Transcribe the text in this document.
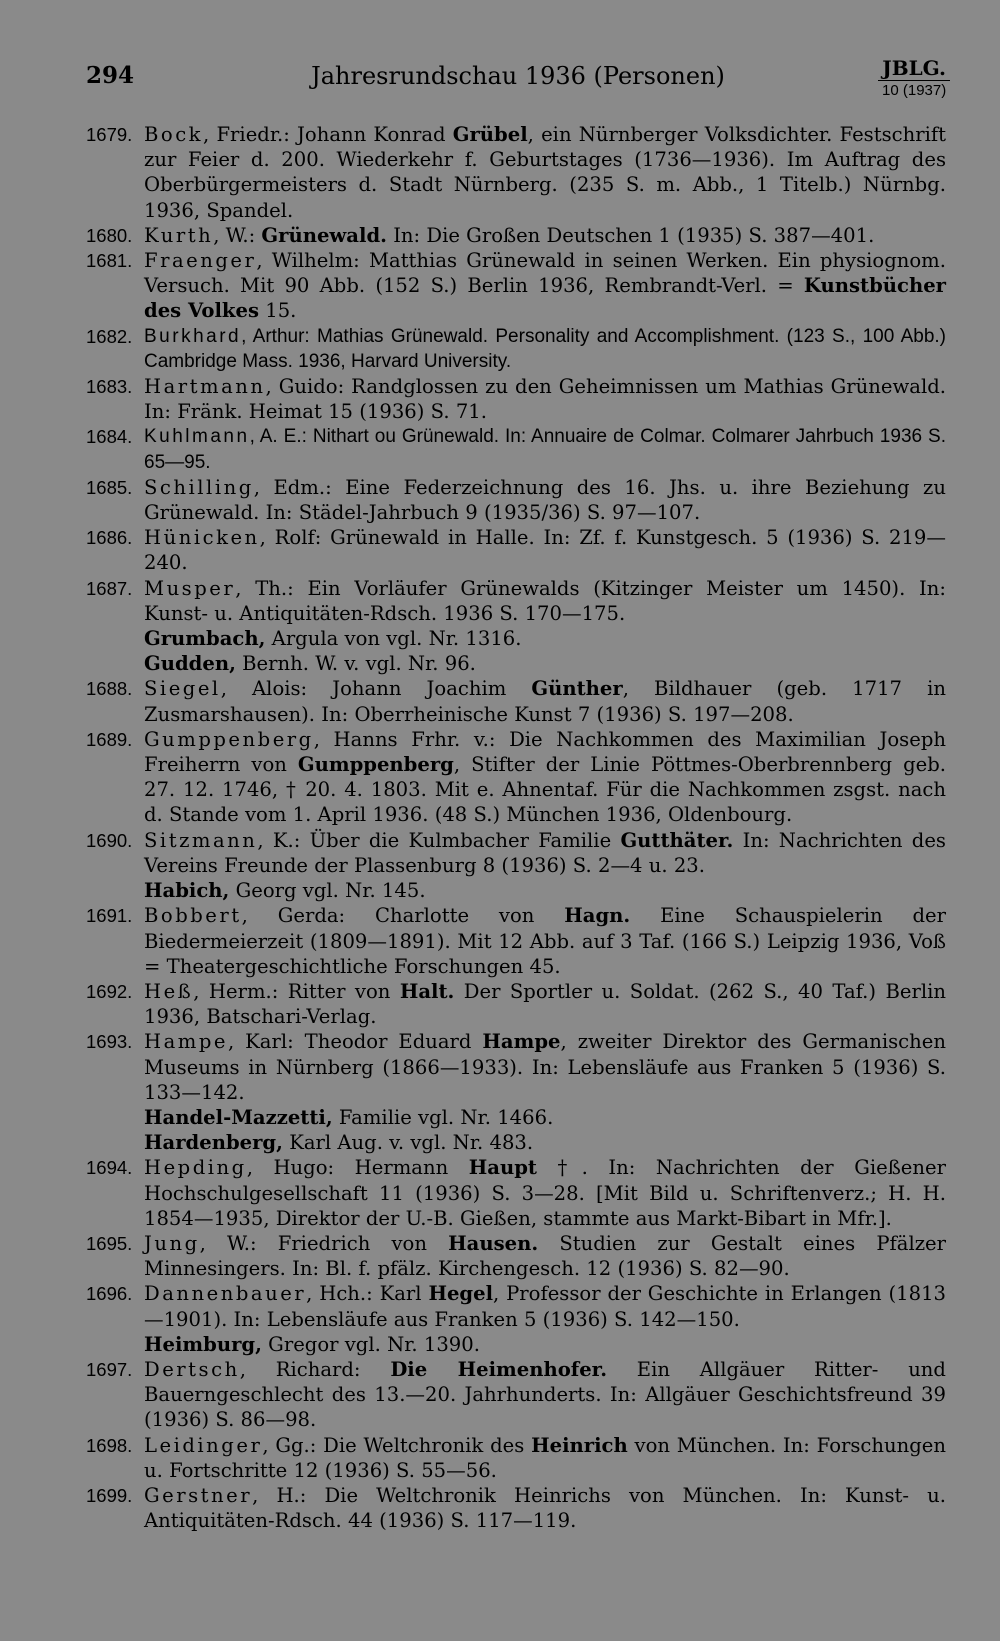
294	Jahresrundschau 1936 (Personen)	JBLG.
10 (1937)
1679. Bock, Friedr.: Johann Konrad Grübel, ein Nürnberger Volksdichter. Festschrift zur Feier d. 200. Wiederkehr f. Geburtstages (1736—1936). Im Auftrag des Oberbürgermeisters d. Stadt Nürnberg. (235 S. m. Abb., 1 Titelb.) Nürnbg. 1936, Spandel.
1680. Kurth, W.: Grünewald. In: Die Großen Deutschen 1 (1935) S. 387—401.
1681. Fraenger, Wilhelm: Matthias Grünewald in seinen Werken. Ein physiognom. Versuch. Mit 90 Abb. (152 S.) Berlin 1936, Rembrandt-Verl. = Kunstbücher des Volkes 15.
1682. Burkhard, Arthur: Mathias Grünewald. Personality and Accomplishment. (123 S., 100 Abb.) Cambridge Mass. 1936, Harvard University.
1683. Hartmann, Guido: Randglossen zu den Geheimnissen um Mathias Grünewald. In: Fränk. Heimat 15 (1936) S. 71.
1684. Kuhlmann, A. E.: Nithart ou Grünewald. In: Annuaire de Colmar. Colmarer Jahrbuch 1936 S. 65—95.
1685. Schilling, Edm.: Eine Federzeichnung des 16. Jhs. u. ihre Beziehung zu Grünewald. In: Städel-Jahrbuch 9 (1935/36) S. 97—107.
1686. Hünicken, Rolf: Grünewald in Halle. In: Zf. f. Kunstgesch. 5 (1936) S. 219—240.
1687. Musper, Th.: Ein Vorläufer Grünewalds (Kitzinger Meister um 1450). In: Kunst- u. Antiquitäten-Rdsch. 1936 S. 170—175.
Grumbach, Argula von vgl. Nr. 1316.
Gudden, Bernh. W. v. vgl. Nr. 96.
1688. Siegel, Alois: Johann Joachim Günther, Bildhauer (geb. 1717 in Zusmarshausen). In: Oberrheinische Kunst 7 (1936) S. 197—208.
1689. Gumppenberg, Hanns Frhr. v.: Die Nachkommen des Maximilian Joseph Freiherrn von Gumppenberg, Stifter der Linie Pöttmes-Oberbrennberg geb. 27. 12. 1746, † 20. 4. 1803. Mit e. Ahnentaf. Für die Nachkommen zsgst. nach d. Stande vom 1. April 1936. (48 S.) München 1936, Oldenbourg.
1690. Sitzmann, K.: Über die Kulmbacher Familie Gutthäter. In: Nachrichten des Vereins Freunde der Plassenburg 8 (1936) S. 2—4 u. 23.
Habich, Georg vgl. Nr. 145.
1691. Bobbert, Gerda: Charlotte von Hagn. Eine Schauspielerin der Biedermeierzeit (1809—1891). Mit 12 Abb. auf 3 Taf. (166 S.) Leipzig 1936, Voß = Theatergeschichtliche Forschungen 45.
1692. Heß, Herm.: Ritter von Halt. Der Sportler u. Soldat. (262 S., 40 Taf.) Berlin 1936, Batschari-Verlag.
1693. Hampe, Karl: Theodor Eduard Hampe, zweiter Direktor des Germanischen Museums in Nürnberg (1866—1933). In: Lebensläufe aus Franken 5 (1936) S. 133—142.
Handel-Mazzetti, Familie vgl. Nr. 1466.
Hardenberg, Karl Aug. v. vgl. Nr. 483.
1694. Hepding, Hugo: Hermann Haupt †. In: Nachrichten der Gießener Hochschulgesellschaft 11 (1936) S. 3—28. [Mit Bild u. Schriftenverz.; H. H. 1854—1935, Direktor der U.-B. Gießen, stammte aus Markt-Bibart in Mfr.].
1695. Jung, W.: Friedrich von Hausen. Studien zur Gestalt eines Pfälzer Minnesingers. In: Bl. f. pfälz. Kirchengesch. 12 (1936) S. 82—90.
1696. Dannenbauer, Hch.: Karl Hegel, Professor der Geschichte in Erlangen (1813—1901). In: Lebensläufe aus Franken 5 (1936) S. 142—150.
Heimburg, Gregor vgl. Nr. 1390.
1697. Dertsch, Richard: Die Heimenhofer. Ein Allgäuer Ritter- und Bauerngeschlecht des 13.—20. Jahrhunderts. In: Allgäuer Geschichtsfreund 39 (1936) S. 86—98.
1698. Leidinger, Gg.: Die Weltchronik des Heinrich von München. In: Forschungen u. Fortschritte 12 (1936) S. 55—56.
1699. Gerstner, H.: Die Weltchronik Heinrichs von München. In: Kunst- u. Antiquitäten-Rdsch. 44 (1936) S. 117—119.
